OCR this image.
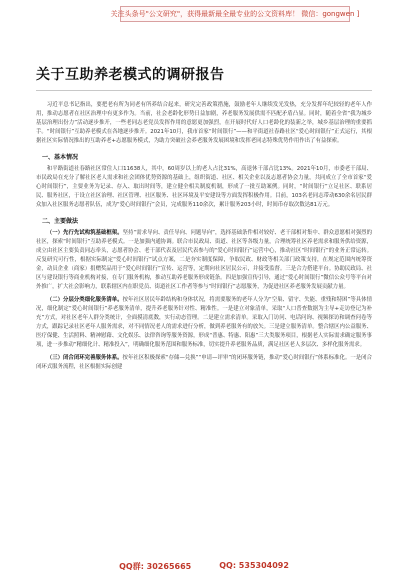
关注头条号"公文研究"，获得最新最全最专业的公文资料库！ 微信：gongwen ]
关于互助养老模式的调研报告

习近平总书记指出，要把老有所为同老有所养结合起来，研究完善政策措施，鼓励老年人继续发光发热，充分发挥年纪较轻的老年人作用，推动志愿者在社区治理中有更多作为。当前，社会老龄化形势日益加剧，养老服务发展供需不匹配矛盾凸显。同时，随着全省“我为城乡基层治理出份力”活动逐步推开，一些老同志老党员发挥作用的意愿更加强烈，在开展时代好人口老龄化的装新之举，城乡基层治理的重要抓手。“时间银行”互助养老模式在各地逐步推开。2021年10月，我市首家“时间银行”——和平街道社春路社区“爱心时间银行”正式运行，其根据社区实际情况推出的互助养老+志愿服务模式，为助力突破社会养老服务发展困境和发挥老同志特殊优势作用作出了有益探索。

一、基本情况

和平路街道社春路社区常住人口11638人，其中，60周岁以上的老人占比31%，高退休干部占比13%。2021年10月，市委老干部局、市民政局在充分了解社区老人需求和社会团体优势资源的基础上，组织街道、社区、相关企业以及志愿者协会力量，共同成立了全市首家“爱心时间银行”，主要业务为记录、存入、取出时间等，建立健全相关制度机制，形成了一批互助案例。同时，“时间银行”立足社区、联系居民、服务社区，于设立社区治理、社区管理、社区服务、社区环境及平安建设等方面发挥积极作用。目前，103名老同志带动630余名居民群众加入社区服务志愿者队伍，成为“爱心时间银行”会员，完成服务110余次，累计服务203小时，时间币存取次数达81万元。

二、主要做法

（一）先行先试构筑基础框架。坚持“需求导向、责任导向、问题导向”，选择基础条件相对较好、老干部相对集中、群众意愿相对强烈的社区，探索“时间银行”互助养老模式。一是加强内通协调。联合市民政局、街道、社区等各级力量，合理统筹社区养老需求和服务供给资源，成立由社区主要负责同志牵头，志愿者协会、老干部代表及居民代表参与的“爱心时间银行”运营中心，推动社区“时间银行”的业务正常运转。反复研究可行性，根据实际制定“爱心时间银行”试点方案，二是夯实制度保障，争取民政、财政等相关部门政策支持，在规定范围内统筹资金，动员企业（商家）捐赠奖品用于“爱心时间银行”宣传、运营等，定期向社区居民公示，并接受监督。三是合力搭建平台。协助民政局、社区与建设银行等商业机构对接，在专门服务机构，推动互助养老服务形成链条。四是加强宣传引导，通过“爱心时间银行”微信公众号等平台对外推广，扩大社会影响力，联系辖区内在职党员、街道社区工作者等参与“时间银行”志愿服务，为促进社区养老服务发展贡献力量。

（二）分层分类细化服务清单。按年社区居民年龄结构和身体状况，将需要服务的老年人分为“空巢、留守、失能、重残和特困”等具体情况，细化制定“爱心时间银行”养老服务清单，提升养老服务针对性、精准性。一是建立对象清单，采取“人口普查数据为主导+走访登记为补充”方式，对社区老年人群分类统计，全面摸清底数，实行动态管理。二是建立需求清单。采取入门访问、电话问询、视频探访和调查问卷等方式，跟踪记录社区老年人服务需求，对不同情况老人的需求进行分析，做到养老服务有的放矢。三是建立服务清单。整合辖区内公益服务、医疗保健、生活照料、精神慰藉、文化娱乐、法律咨询等服务资源，形成“普惠、特惠、阳惠”三大类服务项目，根据老人实际需求确定服务事项，进一步推动“精细化计、精准投入”，明确细化服务范围和服务标准，切实提升养老服务品质，满足社区老人多层次、多样化服务需求。

（三）闭合闭环完善服务体系。按年社区积极探索“存储—兑换”“申请—评审”的闭环服务链，推动“爱心时间银行”体系标准化。一是闭合闭环式服务流程，社区根据实际创建

QQ群: 30265665	QQ: 535304092
